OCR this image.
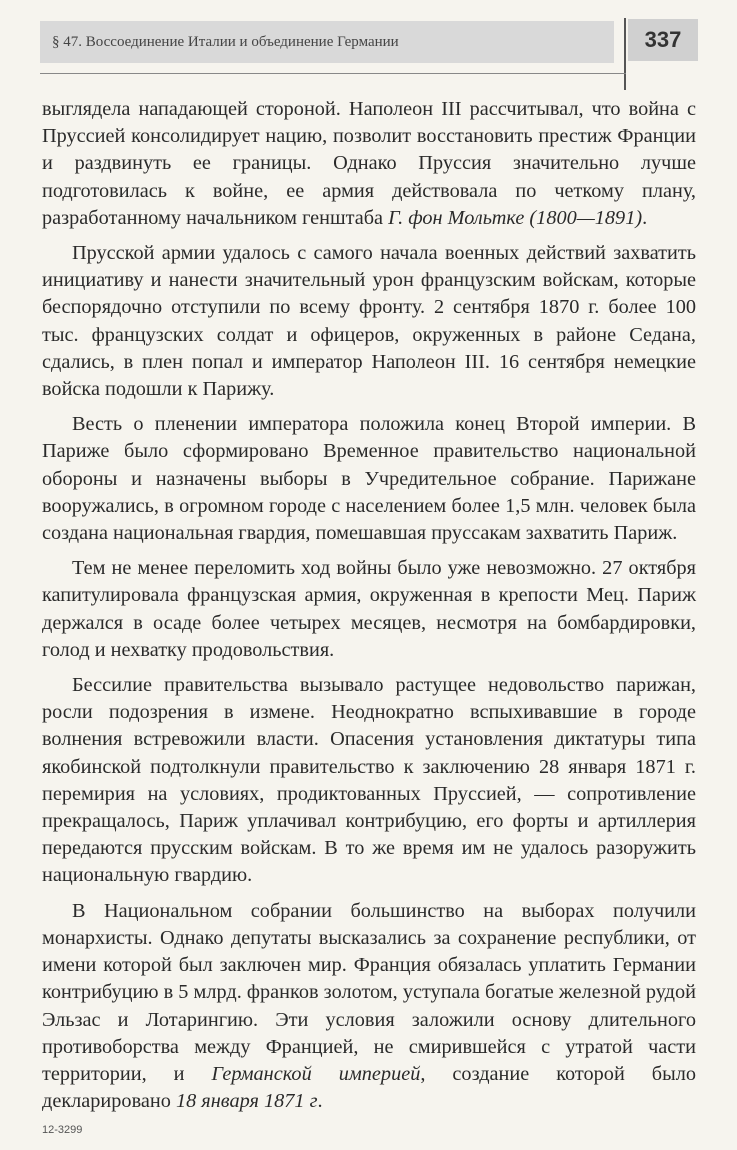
§ 47. Воссоединение Италии и объединение Германии	337

выглядела нападающей стороной. Наполеон III рассчитывал, что война с Пруссией консолидирует нацию, позволит восстановить престиж Франции и раздвинуть ее границы. Однако Пруссия значительно лучше подготовилась к войне, ее армия действовала по четкому плану, разработанному начальником генштаба Г. фон Мольтке (1800—1891).

Прусской армии удалось с самого начала военных действий захватить инициативу и нанести значительный урон французским войскам, которые беспорядочно отступили по всему фронту. 2 сентября 1870 г. более 100 тыс. французских солдат и офицеров, окруженных в районе Седана, сдались, в плен попал и император Наполеон III. 16 сентября немецкие войска подошли к Парижу.

Весть о пленении императора положила конец Второй империи. В Париже было сформировано Временное правительство национальной обороны и назначены выборы в Учредительное собрание. Парижане вооружались, в огромном городе с населением более 1,5 млн. человек была создана национальная гвардия, помешавшая пруссакам захватить Париж.

Тем не менее переломить ход войны было уже невозможно. 27 октября капитулировала французская армия, окруженная в крепости Мец. Париж держался в осаде более четырех месяцев, несмотря на бомбардировки, голод и нехватку продовольствия.

Бессилие правительства вызывало растущее недовольство парижан, росли подозрения в измене. Неоднократно вспыхивавшие в городе волнения встревожили власти. Опасения установления диктатуры типа якобинской подтолкнули правительство к заключению 28 января 1871 г. перемирия на условиях, продиктованных Пруссией, — сопротивление прекращалось, Париж уплачивал контрибуцию, его форты и артиллерия передаются прусским войскам. В то же время им не удалось разоружить национальную гвардию.

В Национальном собрании большинство на выборах получили монархисты. Однако депутаты высказались за сохранение республики, от имени которой был заключен мир. Франция обязалась уплатить Германии контрибуцию в 5 млрд. франков золотом, уступала богатые железной рудой Эльзас и Лотарингию. Эти условия заложили основу длительного противоборства между Францией, не смирившейся с утратой части территории, и Германской империей, создание которой было декларировано 18 января 1871 г.

12-3299
